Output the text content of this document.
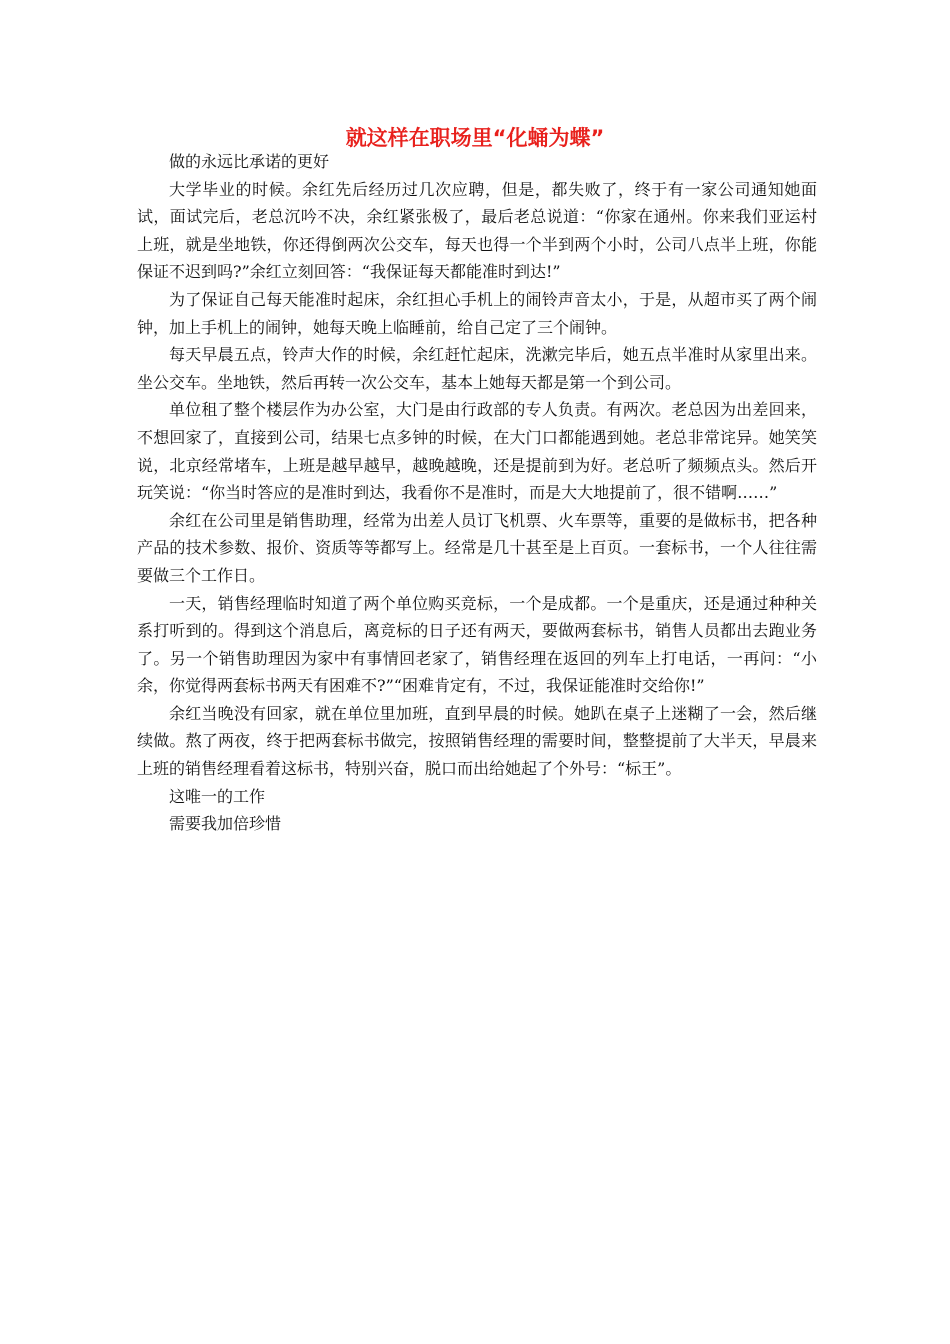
就这样在职场里“化蛹为蝶”

做的永远比承诺的更好

大学毕业的时候。余红先后经历过几次应聘，但是，都失败了，终于有一家公司通知她面试，面试完后，老总沉吟不决，余红紧张极了，最后老总说道：“你家在通州。你来我们亚运村上班，就是坐地铁，你还得倒两次公交车，每天也得一个半到两个小时，公司八点半上班，你能保证不迟到吗?”余红立刻回答：“我保证每天都能准时到达!”

为了保证自己每天能准时起床，余红担心手机上的闹铃声音太小，于是，从超市买了两个闹钟，加上手机上的闹钟，她每天晚上临睡前，给自己定了三个闹钟。

每天早晨五点，铃声大作的时候，余红赶忙起床，洗漱完毕后，她五点半准时从家里出来。坐公交车。坐地铁，然后再转一次公交车，基本上她每天都是第一个到公司。

单位租了整个楼层作为办公室，大门是由行政部的专人负责。有两次。老总因为出差回来，不想回家了，直接到公司，结果七点多钟的时候，在大门口都能遇到她。老总非常诧异。她笑笑说，北京经常堵车，上班是越早越早，越晚越晚，还是提前到为好。老总听了频频点头。然后开玩笑说：“你当时答应的是准时到达，我看你不是准时，而是大大地提前了，很不错啊……”

余红在公司里是销售助理，经常为出差人员订飞机票、火车票等，重要的是做标书，把各种产品的技术参数、报价、资质等等都写上。经常是几十甚至是上百页。一套标书，一个人往往需要做三个工作日。

一天，销售经理临时知道了两个单位购买竞标，一个是成都。一个是重庆，还是通过种种关系打听到的。得到这个消息后，离竞标的日子还有两天，要做两套标书，销售人员都出去跑业务了。另一个销售助理因为家中有事情回老家了，销售经理在返回的列车上打电话，一再问：“小余，你觉得两套标书两天有困难不?”“困难肯定有，不过，我保证能准时交给你!”

余红当晚没有回家，就在单位里加班，直到早晨的时候。她趴在桌子上迷糊了一会，然后继续做。熬了两夜，终于把两套标书做完，按照销售经理的需要时间，整整提前了大半天，早晨来上班的销售经理看着这标书，特别兴奋，脱口而出给她起了个外号：“标王”。

这唯一的工作

需要我加倍珍惜
